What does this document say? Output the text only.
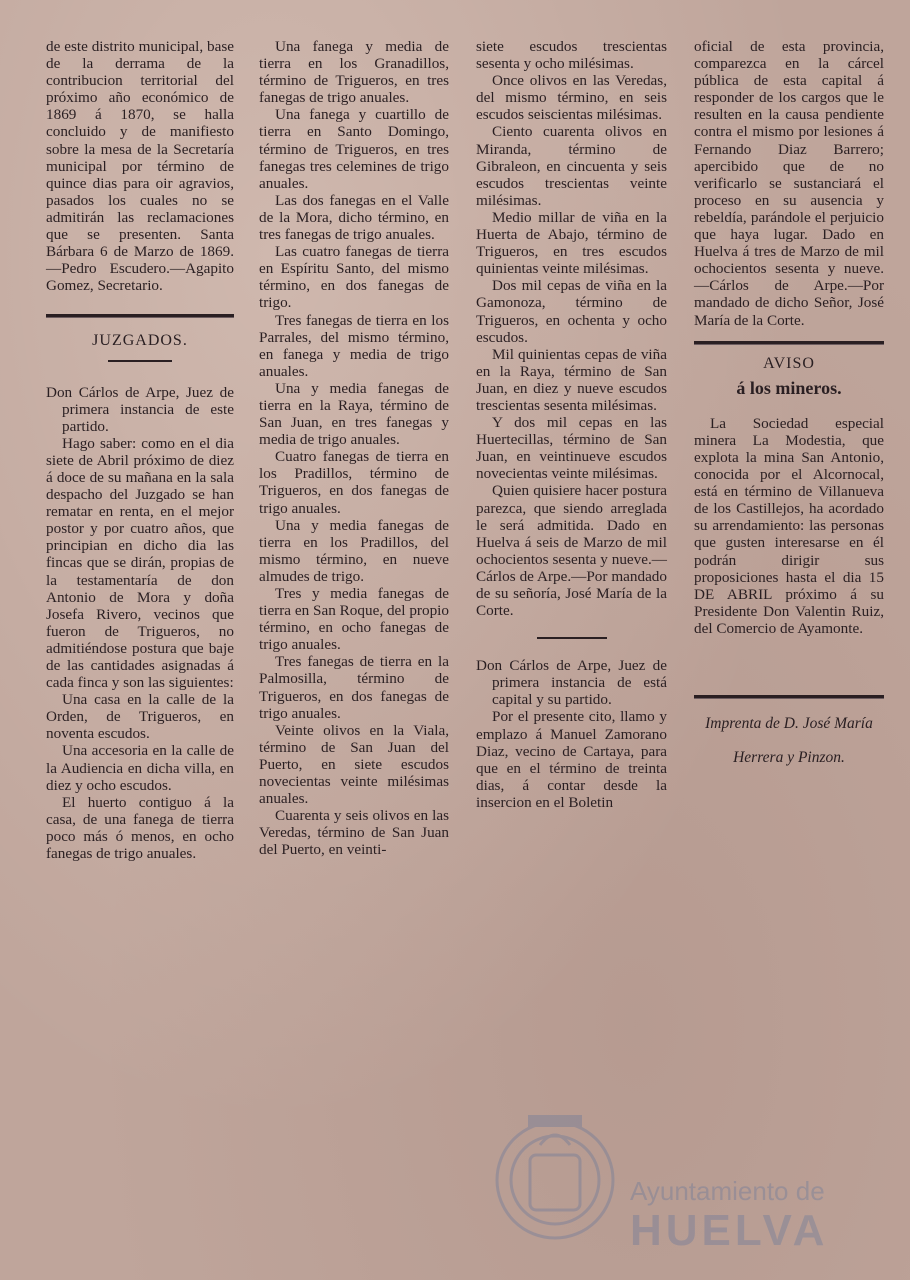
de este distrito municipal, base de la derrama de la contribucion territorial del próximo año económico de 1869 á 1870, se halla concluido y de manifiesto sobre la mesa de la Secretaría municipal por término de quince dias para oir agravios, pasados los cuales no se admitirán las reclamaciones que se presenten. Santa Bárbara 6 de Marzo de 1869.—Pedro Escudero.—Agapito Gomez, Secretario.

JUZGADOS.

Don Cárlos de Arpe, Juez de primera instancia de este partido.

Hago saber: como en el dia siete de Abril próximo de diez á doce de su mañana en la sala despacho del Juzgado se han rematar en renta, en el mejor postor y por cuatro años, que principian en dicho dia las fincas que se dirán, propias de la testamentaría de don Antonio de Mora y doña Josefa Rivero, vecinos que fueron de Trigueros, no admitiéndose postura que baje de las cantidades asignadas á cada finca y son las siguientes:

Una casa en la calle de la Orden, de Trigueros, en noventa escudos.

Una accesoria en la calle de la Audiencia en dicha villa, en diez y ocho escudos.

El huerto contiguo á la casa, de una fanega de tierra poco más ó menos, en ocho fanegas de trigo anuales.

Una fanega y media de tierra en los Granadillos, término de Trigueros, en tres fanegas de trigo anuales.

Una fanega y cuartillo de tierra en Santo Domingo, término de Trigueros, en tres fanegas tres celemines de trigo anuales.

Las dos fanegas en el Valle de la Mora, dicho término, en tres fanegas de trigo anuales.

Las cuatro fanegas de tierra en Espíritu Santo, del mismo término, en dos fanegas de trigo.

Tres fanegas de tierra en los Parrales, del mismo término, en fanega y media de trigo anuales.

Una y media fanegas de tierra en la Raya, término de San Juan, en tres fanegas y media de trigo anuales.

Cuatro fanegas de tierra en los Pradillos, término de Trigueros, en dos fanegas de trigo anuales.

Una y media fanegas de tierra en los Pradillos, del mismo término, en nueve almudes de trigo.

Tres y media fanegas de tierra en San Roque, del propio término, en ocho fanegas de trigo anuales.

Tres fanegas de tierra en la Palmosilla, término de Trigueros, en dos fanegas de trigo anuales.

Veinte olivos en la Viala, término de San Juan del Puerto, en siete escudos novecientas veinte milésimas anuales.

Cuarenta y seis olivos en las Veredas, término de San Juan del Puerto, en veinti-

siete escudos trescientas sesenta y ocho milésimas.

Once olivos en las Veredas, del mismo término, en seis escudos seiscientas milésimas.

Ciento cuarenta olivos en Miranda, término de Gibraleon, en cincuenta y seis escudos trescientas veinte milésimas.

Medio millar de viña en la Huerta de Abajo, término de Trigueros, en tres escudos quinientas veinte milésimas.

Dos mil cepas de viña en la Gamonoza, término de Trigueros, en ochenta y ocho escudos.

Mil quinientas cepas de viña en la Raya, término de San Juan, en diez y nueve escudos trescientas sesenta milésimas.

Y dos mil cepas en las Huertecillas, término de San Juan, en veintinueve escudos novecientas veinte milésimas.

Quien quisiere hacer postura parezca, que siendo arreglada le será admitida. Dado en Huelva á seis de Marzo de mil ochocientos sesenta y nueve.—Cárlos de Arpe.—Por mandado de su señoría, José María de la Corte.

Don Cárlos de Arpe, Juez de primera instancia de está capital y su partido.

Por el presente cito, llamo y emplazo á Manuel Zamorano Diaz, vecino de Cartaya, para que en el término de treinta dias, á contar desde la insercion en el Boletin

oficial de esta provincia, comparezca en la cárcel pública de esta capital á responder de los cargos que le resulten en la causa pendiente contra el mismo por lesiones á Fernando Diaz Barrero; apercibido que de no verificarlo se sustanciará el proceso en su ausencia y rebeldía, parándole el perjuicio que haya lugar. Dado en Huelva á tres de Marzo de mil ochocientos sesenta y nueve.—Cárlos de Arpe.—Por mandado de dicho Señor, José María de la Corte.

AVISO

á los mineros.

La Sociedad especial minera La Modestia, que explota la mina San Antonio, conocida por el Alcornocal, está en término de Villanueva de los Castillejos, ha acordado su arrendamiento: las personas que gusten interesarse en él podrán dirigir sus proposiciones hasta el dia 15 DE ABRIL próximo á su Presidente Don Valentin Ruiz, del Comercio de Ayamonte.

Imprenta de D. José María

Herrera y Pinzon.

EN VERSO
Ayuntamiento de
HUELVA
